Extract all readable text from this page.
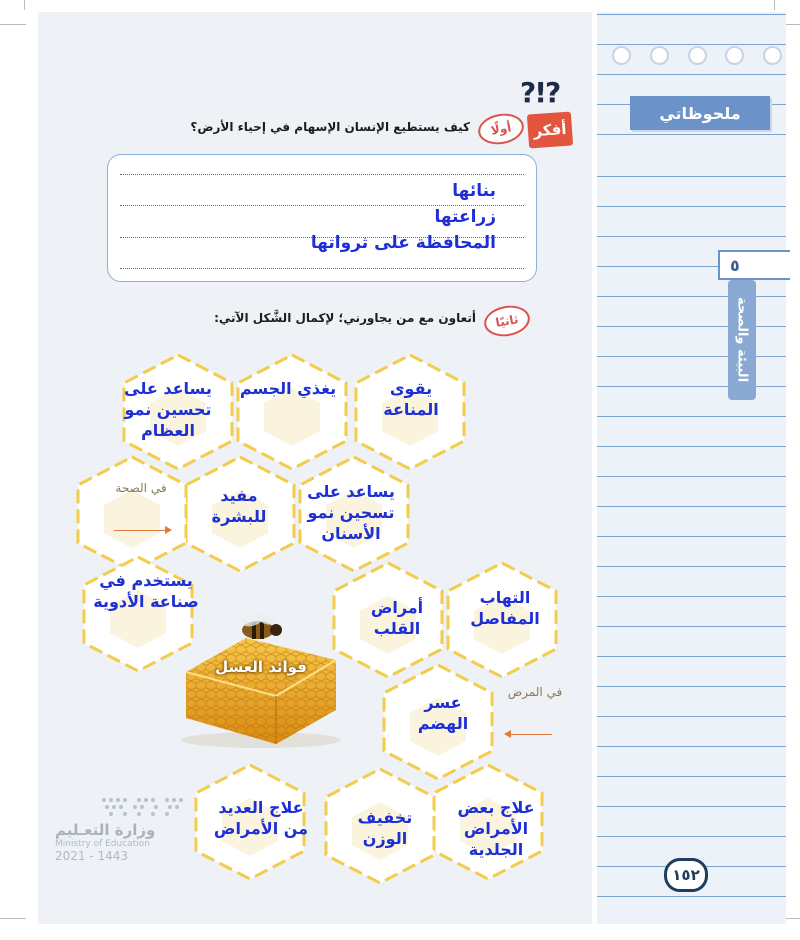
ملحوظاتي
٥
البيئة والصحة
١٥٢
?!?
أفكر
أولًا
كيف يستطيع الإنسان الإسهام في إحياء الأرض؟
بنائها
زراعتها
المحافظة على ثرواتها
ثانيًا
أتعاون مع من يجاورني؛ لإكمال الشَّكل الآتي:
يقوى المناعة
يغذي الجسم
يساعد على تحسين نمو العظام
يساعد على تسحين نمو الأسنان
مفيد للبشرة
يستخدم في صناعة الأدوية	التهاب المفاصل
أمراض القلب
عسر الهضم
علاج بعض الأمراض الجلدية
تخفيف الوزن
علاج العديد من الأمراض
في الصحة
في المرض
فوائد العسل
وزارة التعـليم
Ministry of Education
2021 - 1443
